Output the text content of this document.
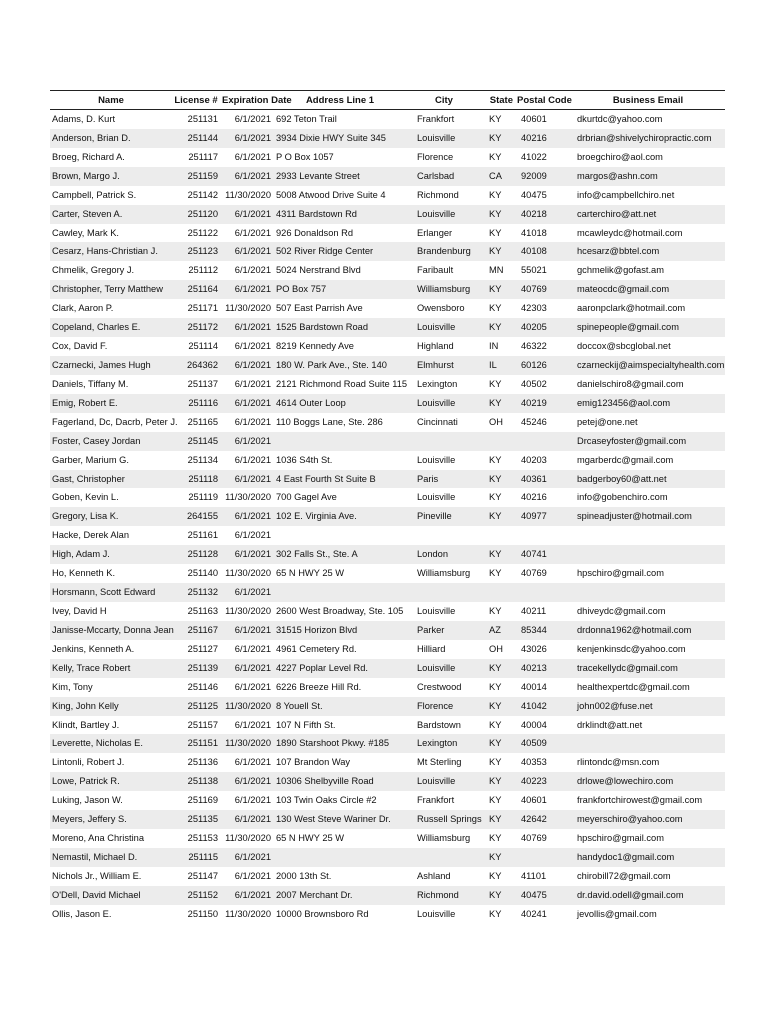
Name	License #	Expiration Date	Address Line 1	City	State	Postal Code	Business Email
Adams, D. Kurt	251131	6/1/2021	692 Teton Trail	Frankfort	KY	40601	dkurtdc@yahoo.com
Anderson, Brian D.	251144	6/1/2021	3934 Dixie HWY Suite 345	Louisville	KY	40216	drbrian@shivelychiropractic.com
Broeg, Richard A.	251117	6/1/2021	P O Box 1057	Florence	KY	41022	broegchiro@aol.com
Brown, Margo J.	251159	6/1/2021	2933 Levante Street	Carlsbad	CA	92009	margos@ashn.com
Campbell, Patrick S.	251142	11/30/2020	5008 Atwood Drive Suite 4	Richmond	KY	40475	info@campbellchiro.net
Carter, Steven A.	251120	6/1/2021	4311 Bardstown Rd	Louisville	KY	40218	carterchiro@att.net
Cawley, Mark K.	251122	6/1/2021	926 Donaldson Rd	Erlanger	KY	41018	mcawleydc@hotmail.com
Cesarz, Hans-Christian J.	251123	6/1/2021	502 River Ridge Center	Brandenburg	KY	40108	hcesarz@bbtel.com
Chmelik, Gregory J.	251112	6/1/2021	5024 Nerstrand Blvd	Faribault	MN	55021	gchmelik@gofast.am
Christopher, Terry Matthew	251164	6/1/2021	PO Box 757	Williamsburg	KY	40769	mateocdc@gmail.com
Clark, Aaron P.	251171	11/30/2020	507 East Parrish Ave	Owensboro	KY	42303	aaronpclark@hotmail.com
Copeland, Charles E.	251172	6/1/2021	1525 Bardstown Road	Louisville	KY	40205	spinepeople@gmail.com
Cox, David F.	251114	6/1/2021	8219 Kennedy Ave	Highland	IN	46322	doccox@sbcglobal.net
Czarnecki, James Hugh	264362	6/1/2021	180 W. Park Ave., Ste. 140	Elmhurst	IL	60126	czarneckij@aimspecialtyhealth.com
Daniels, Tiffany M.	251137	6/1/2021	2121 Richmond Road Suite 115	Lexington	KY	40502	danielschiro8@gmail.com
Emig, Robert E.	251116	6/1/2021	4614 Outer Loop	Louisville	KY	40219	emig123456@aol.com
Fagerland, Dc, Dacrb, Peter J.	251165	6/1/2021	110 Boggs Lane, Ste. 286	Cincinnati	OH	45246	petej@one.net
Foster, Casey Jordan	251145	6/1/2021					Drcaseyfoster@gmail.com
Garber, Marium G.	251134	6/1/2021	1036 S4th St.	Louisville	KY	40203	mgarberdc@gmail.com
Gast, Christopher	251118	6/1/2021	4 East Fourth St Suite B	Paris	KY	40361	badgerboy60@att.net
Goben, Kevin L.	251119	11/30/2020	700 Gagel Ave	Louisville	KY	40216	info@gobenchiro.com
Gregory, Lisa K.	264155	6/1/2021	102 E. Virginia Ave.	Pineville	KY	40977	spineadjuster@hotmail.com
Hacke, Derek Alan	251161	6/1/2021					
High, Adam J.	251128	6/1/2021	302 Falls St., Ste. A	London	KY	40741	
Ho, Kenneth K.	251140	11/30/2020	65 N HWY 25 W	Williamsburg	KY	40769	hpschiro@gmail.com
Horsmann, Scott Edward	251132	6/1/2021					
Ivey, David H	251163	11/30/2020	2600 West Broadway, Ste. 105	Louisville	KY	40211	dhiveydc@gmail.com
Janisse-Mccarty, Donna Jean	251167	6/1/2021	31515 Horizon Blvd	Parker	AZ	85344	drdonna1962@hotmail.com
Jenkins, Kenneth A.	251127	6/1/2021	4961 Cemetery Rd.	Hilliard	OH	43026	kenjenkinsdc@yahoo.com
Kelly, Trace Robert	251139	6/1/2021	4227 Poplar Level Rd.	Louisville	KY	40213	tracekellydc@gmail.com
Kim, Tony	251146	6/1/2021	6226 Breeze Hill Rd.	Crestwood	KY	40014	healthexpertdc@gmail.com
King, John Kelly	251125	11/30/2020	8 Youell St.	Florence	KY	41042	john002@fuse.net
Klindt, Bartley J.	251157	6/1/2021	107 N Fifth St.	Bardstown	KY	40004	drklindt@att.net
Leverette, Nicholas E.	251151	11/30/2020	1890 Starshoot Pkwy. #185	Lexington	KY	40509	
Lintonli, Robert J.	251136	6/1/2021	107 Brandon Way	Mt Sterling	KY	40353	rlintondc@msn.com
Lowe, Patrick R.	251138	6/1/2021	10306 Shelbyville Road	Louisville	KY	40223	drlowe@lowechiro.com
Luking, Jason W.	251169	6/1/2021	103 Twin Oaks Circle #2	Frankfort	KY	40601	frankfortchirowest@gmail.com
Meyers, Jeffery S.	251135	6/1/2021	130 West Steve Wariner Dr.	Russell Springs	KY	42642	meyerschiro@yahoo.com
Moreno, Ana Christina	251153	11/30/2020	65 N HWY 25 W	Williamsburg	KY	40769	hpschiro@gmail.com
Nemastil, Michael D.	251115	6/1/2021			KY		handydoc1@gmail.com
Nichols Jr., William E.	251147	6/1/2021	2000 13th St.	Ashland	KY	41101	chirobill72@gmail.com
O'Dell, David Michael	251152	6/1/2021	2007 Merchant Dr.	Richmond	KY	40475	dr.david.odell@gmail.com
Ollis, Jason E.	251150	11/30/2020	10000 Brownsboro Rd	Louisville	KY	40241	jevollis@gmail.com
